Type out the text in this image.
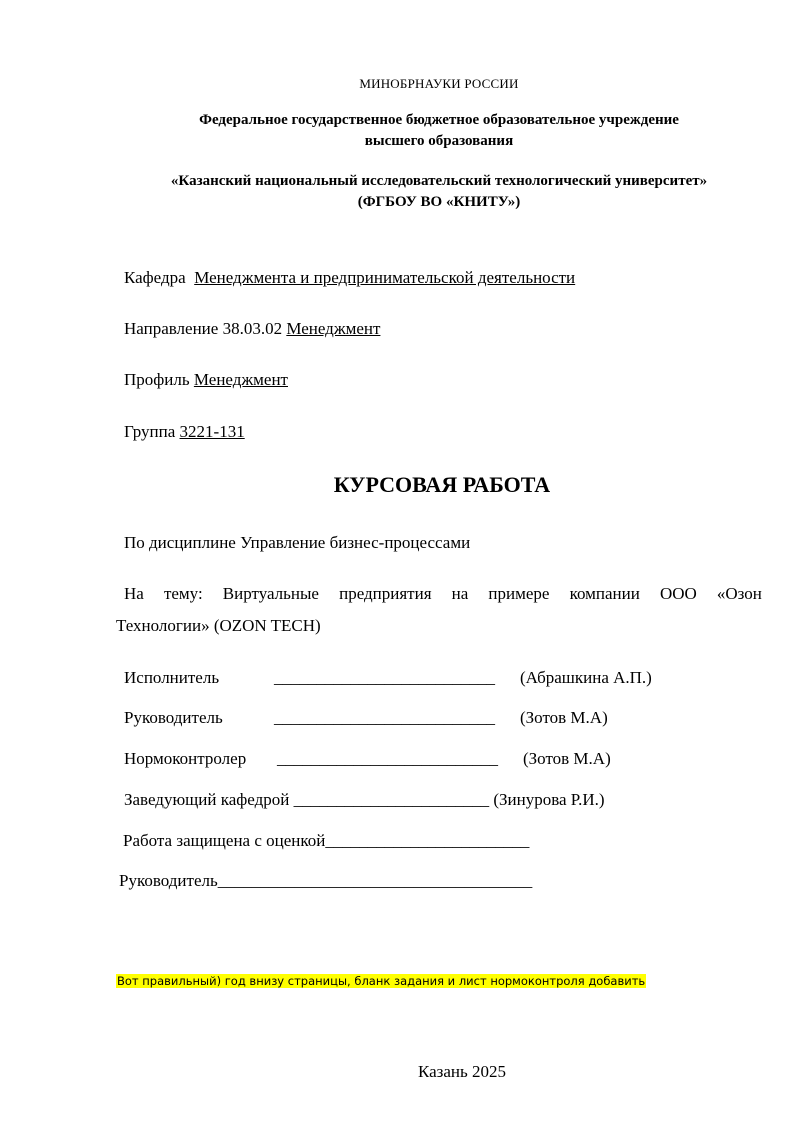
МИНОБРНАУКИ РОССИИ
Федеральное государственное бюджетное образовательное учреждение
высшего образования
«Казанский национальный исследовательский технологический университет»
(ФГБОУ ВО «КНИТУ»)
Кафедра Менеджмента и предпринимательской деятельности
Направление 38.03.02 Менеджмент
Профиль Менеджмент
Группа 3221-131
КУРСОВАЯ РАБОТА
По дисциплине Управление бизнес-процессами
На тему: Виртуальные предприятия на примере компании ООО «Озон
Технологии» (OZON TECH)
Исполнитель	__________________________ (Абрашкина А.П.)
Руководитель	__________________________ (Зотов М.А)
Нормоконтролер __________________________ (Зотов М.А)
Заведующий кафедрой _______________________ (Зинурова Р.И.)
Работа защищена с оценкой________________________
Руководитель_____________________________________
Вот правильный) год внизу страницы, бланк задания и лист нормоконтроля добавить
Казань 2025
